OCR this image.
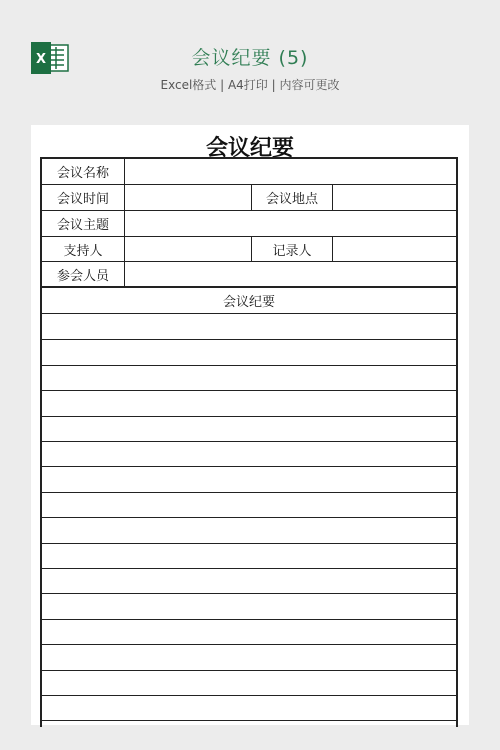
X	会议纪要 (5)
Excel格式 | A4打印 | 内容可更改
会议纪要
会议名称
会议时间	会议地点
会议主题
支持人	记录人
参会人员
会议纪要
